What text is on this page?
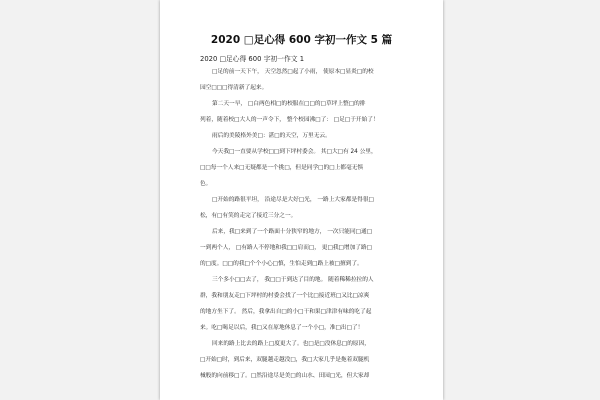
2020 □足心得 600 字初一作文 5 篇
2020 □足心得 600 字初一作文 1
□足的前一天下午， 天空忽然□起了小雨， 使原本□显炎□的校
园空□□□得清新了起来。
第二天一早， □白两色相□的校服在□□的□草坪上整□的排
列着，随着校□大人的一声令下， 整个校园沸□了： □足□于开始了！
雨后的美陵格外美□：湛□的天空，万里无云。
今天我□一直要从学校□□到下坪村委会。 其□大□有 24 公里，
□□每一个人来□无疑都是一个挑□，但是同学□的□上都毫无惧
色。
□开始的路很平坦， 沿途尽是大好□光， 一路上大家都是得很□
松，有□有笑的走完了接近三分之一。
后来，我□来到了一个路面十分狭窄的地方， 一次只能同□通□
一到两个人， □有路人不停地和我□□肩而□， 更□我□增加了路□
的□度。□□的我□个个小心□慎，生怕走到□路上被□擅到了。
三个多小□□去了， 我□□于到达了目的地。 随着稀稀拉拉的人
群，我和朋友走□下坪村的村委会找了一个比□接近班□又比□凉爽
的地方坐下了。 然后，我拿出自□的小□干和果□津津有味的吃了起
来。吃□喝足以后，我□又在原地休息了一个小□，准□出□了！
回来的路上比去的路上□度更大了。也□是□没休息□的原因，
□开始□时，到后来，双腿越走越没□，我□大家几乎是拖着双腿机
械般的向前移□了。□然沿途尽是美□的山水、田园□光，但大家却
